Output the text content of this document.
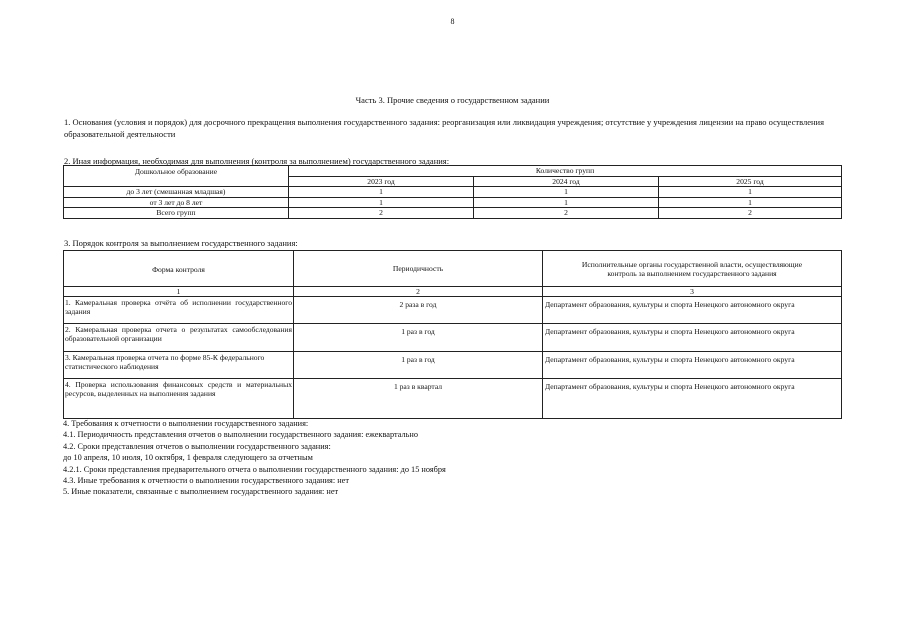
8
Часть 3. Прочие сведения о государственном задании
1. Основания (условия и порядок) для досрочного прекращения выполнения государственного задания: реорганизация или ликвидация учреждения; отсутствие у учреждения лицензии на право осуществления образовательной деятельности
2. Иная информация, необходимая для выполнения (контроля за выполнением) государственного задания:
Дошкольное образование	Количество групп		
	2023 год	2024 год	2025 год
до 3 лет (смешанная младшая)	1	1	1
от 3 лет до 8 лет	1	1	1
Всего групп	2	2	2
3. Порядок контроля за выполнением государственного задания:
Форма контроля	Периодичность	Исполнительные органы государственной власти, осуществляющие контроль за выполнением государственного задания
1	2	3
1. Камеральная проверка отчёта об исполнении государственного задания	2 раза в год	Департамент образования, культуры и спорта Ненецкого автономного округа
2. Камеральная проверка отчета о результатах самообследования образовательной организации	1 раз в год	Департамент образования, культуры и спорта Ненецкого автономного округа
3. Камеральная проверка отчета по форме 85-К федерального статистического наблюдения	1 раз в год	Департамент образования, культуры и спорта Ненецкого автономного округа
4. Проверка использования финансовых средств и материальных ресурсов, выделенных на выполнения задания	1 раз в квартал	Департамент образования, культуры и спорта Ненецкого автономного округа
4. Требования к отчетности о выполнении государственного задания:
4.1. Периодичность представления отчетов о выполнении государственного задания: ежеквартально
4.2. Сроки представления отчетов о выполнении государственного задания:
до 10 апреля, 10 июля, 10 октября, 1 февраля следующего за отчетным
4.2.1. Сроки представления предварительного отчета о выполнении государственного задания: до 15 ноября
4.3. Иные требования к отчетности о выполнении государственного задания: нет
5. Иные показатели, связанные с выполнением государственного задания: нет
